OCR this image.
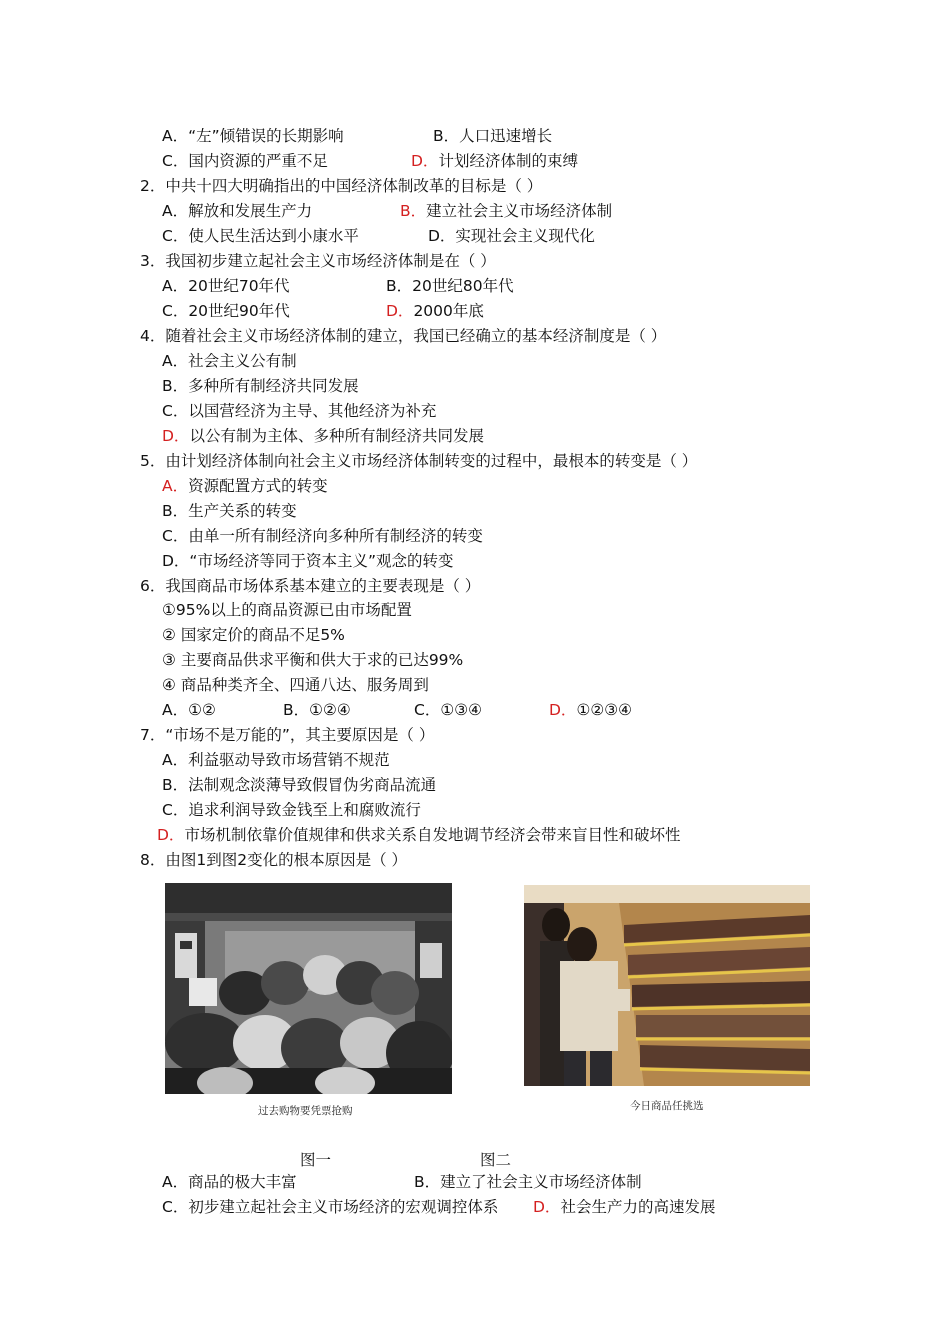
A．“左”倾错误的长期影响	B．人口迅速增长
C．国内资源的严重不足	D．计划经济体制的束缚
2．中共十四大明确指出的中国经济体制改革的目标是（ ）
A．解放和发展生产力	B．建立社会主义市场经济体制
C．使人民生活达到小康水平	D．实现社会主义现代化
3．我国初步建立起社会主义市场经济体制是在（ ）
A．20世纪70年代	B．20世纪80年代
C．20世纪90年代	D．2000年底
4．随着社会主义市场经济体制的建立，我国已经确立的基本经济制度是（ ）
A．社会主义公有制
B．多种所有制经济共同发展
C．以国营经济为主导、其他经济为补充
D．以公有制为主体、多种所有制经济共同发展
5．由计划经济体制向社会主义市场经济体制转变的过程中，最根本的转变是（ ）
A．资源配置方式的转变
B．生产关系的转变
C．由单一所有制经济向多种所有制经济的转变
D．“市场经济等同于资本主义”观念的转变
6．我国商品市场体系基本建立的主要表现是（ ）
①95%以上的商品资源已由市场配置
② 国家定价的商品不足5%
③ 主要商品供求平衡和供大于求的已达99%
④ 商品种类齐全、四通八达、服务周到
A．①②	B．①②④	C．①③④	D．①②③④
7．“市场不是万能的”，其主要原因是（ ）
A．利益驱动导致市场营销不规范
B．法制观念淡薄导致假冒伪劣商品流通
C．追求利润导致金钱至上和腐败流行
D．市场机制依靠价值规律和供求关系自发地调节经济会带来盲目性和破坏性
8．由图1到图2变化的根本原因是（ ）
过去购物要凭票抢购	今日商品任挑选
图一	图二
A．商品的极大丰富	B．建立了社会主义市场经济体制
C．初步建立起社会主义市场经济的宏观调控体系 D．社会生产力的高速发展
